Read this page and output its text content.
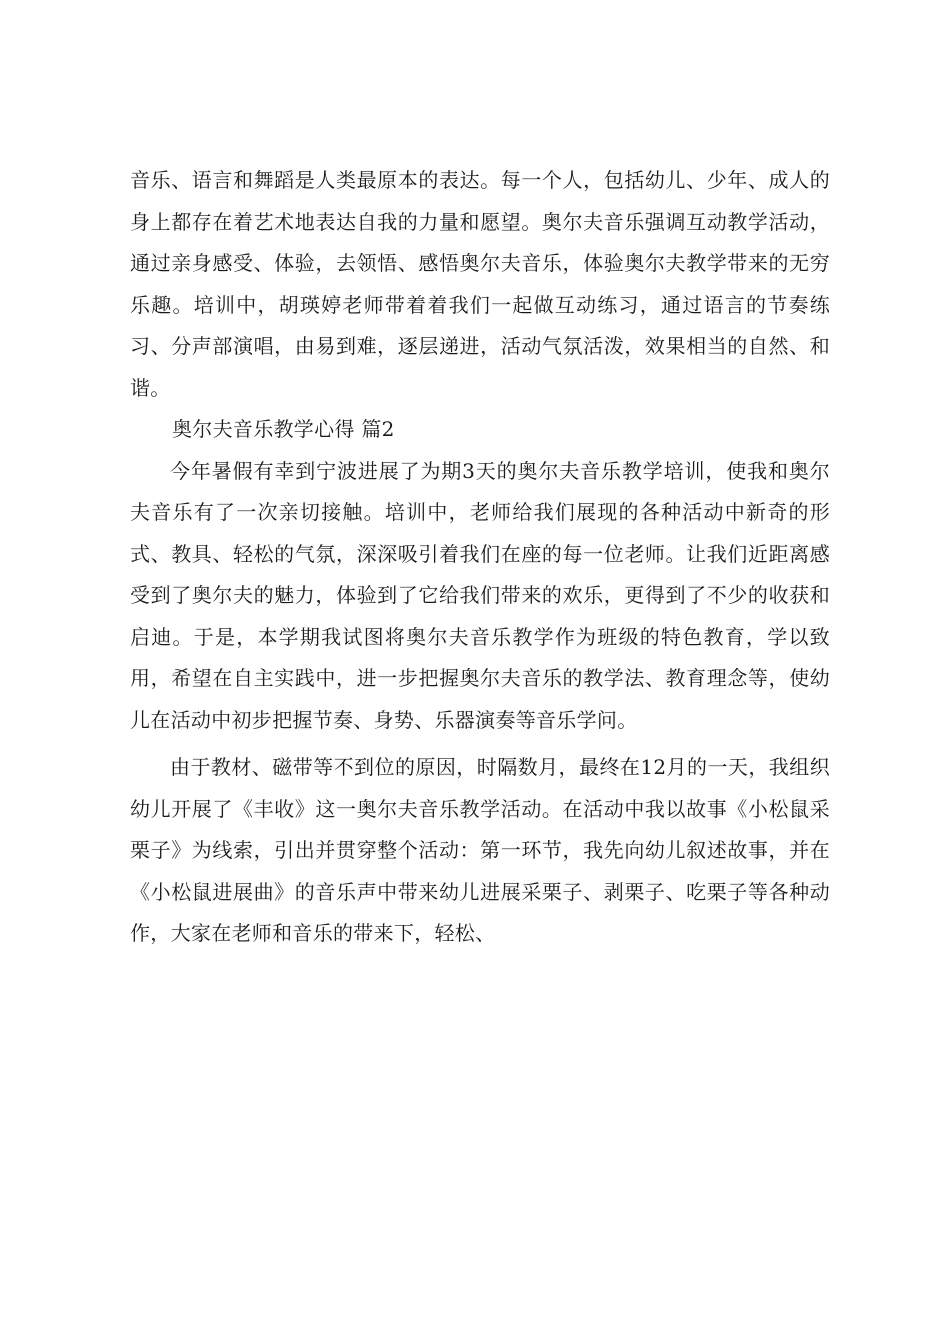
音乐、语言和舞蹈是人类最原本的表达。每一个人，包括幼儿、少年、成人的身上都存在着艺术地表达自我的力量和愿望。奥尔夫音乐强调互动教学活动，通过亲身感受、体验，去领悟、感悟奥尔夫音乐，体验奥尔夫教学带来的无穷乐趣。培训中，胡瑛婷老师带着着我们一起做互动练习，通过语言的节奏练习、分声部演唱，由易到难，逐层递进，活动气氛活泼，效果相当的自然、和谐。

奥尔夫音乐教学心得 篇2

今年暑假有幸到宁波进展了为期3天的奥尔夫音乐教学培训，使我和奥尔夫音乐有了一次亲切接触。培训中，老师给我们展现的各种活动中新奇的形式、教具、轻松的气氛，深深吸引着我们在座的每一位老师。让我们近距离感受到了奥尔夫的魅力，体验到了它给我们带来的欢乐，更得到了不少的收获和启迪。于是，本学期我试图将奥尔夫音乐教学作为班级的特色教育，学以致用，希望在自主实践中，进一步把握奥尔夫音乐的教学法、教育理念等，使幼儿在活动中初步把握节奏、身势、乐器演奏等音乐学问。

由于教材、磁带等不到位的原因，时隔数月，最终在12月的一天，我组织幼儿开展了《丰收》这一奥尔夫音乐教学活动。在活动中我以故事《小松鼠采栗子》为线索，引出并贯穿整个活动：第一环节，我先向幼儿叙述故事，并在《小松鼠进展曲》的音乐声中带来幼儿进展采栗子、剥栗子、吃栗子等各种动作，大家在老师和音乐的带来下，轻松、
